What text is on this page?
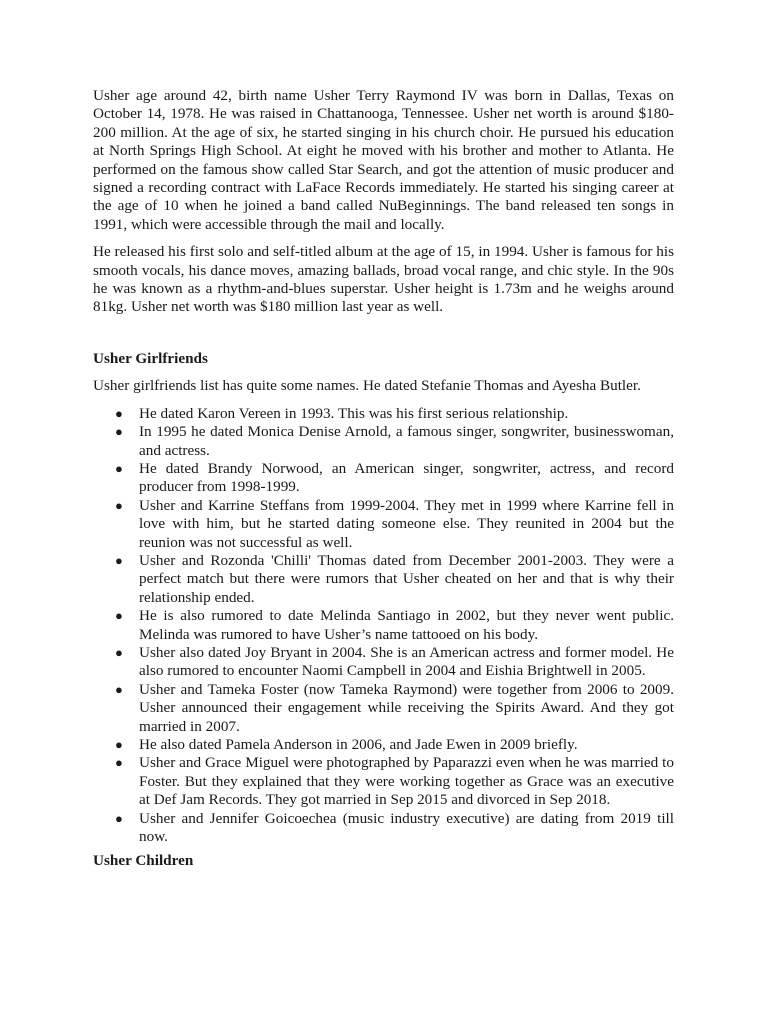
Usher age around 42, birth name Usher Terry Raymond IV was born in Dallas, Texas on October 14, 1978. He was raised in Chattanooga, Tennessee. Usher net worth is around $180-200 million. At the age of six, he started singing in his church choir. He pursued his education at North Springs High School. At eight he moved with his brother and mother to Atlanta. He performed on the famous show called Star Search, and got the attention of music producer and signed a recording contract with LaFace Records immediately. He started his singing career at the age of 10 when he joined a band called NuBeginnings. The band released ten songs in 1991, which were accessible through the mail and locally.

He released his first solo and self-titled album at the age of 15, in 1994. Usher is famous for his smooth vocals, his dance moves, amazing ballads, broad vocal range, and chic style. In the 90s he was known as a rhythm-and-blues superstar. Usher height is 1.73m and he weighs around 81kg. Usher net worth was $180 million last year as well.

Usher Girlfriends

Usher girlfriends list has quite some names. He dated Stefanie Thomas and Ayesha Butler.

● He dated Karon Vereen in 1993. This was his first serious relationship.
● In 1995 he dated Monica Denise Arnold, a famous singer, songwriter, businesswoman, and actress.
● He dated Brandy Norwood, an American singer, songwriter, actress, and record producer from 1998-1999.
● Usher and Karrine Steffans from 1999-2004. They met in 1999 where Karrine fell in love with him, but he started dating someone else. They reunited in 2004 but the reunion was not successful as well.
● Usher and Rozonda 'Chilli' Thomas dated from December 2001-2003. They were a perfect match but there were rumors that Usher cheated on her and that is why their relationship ended.
● He is also rumored to date Melinda Santiago in 2002, but they never went public. Melinda was rumored to have Usher’s name tattooed on his body.
● Usher also dated Joy Bryant in 2004. She is an American actress and former model. He also rumored to encounter Naomi Campbell in 2004 and Eishia Brightwell in 2005.
● Usher and Tameka Foster (now Tameka Raymond) were together from 2006 to 2009. Usher announced their engagement while receiving the Spirits Award. And they got married in 2007.
● He also dated Pamela Anderson in 2006, and Jade Ewen in 2009 briefly.
● Usher and Grace Miguel were photographed by Paparazzi even when he was married to Foster. But they explained that they were working together as Grace was an executive at Def Jam Records. They got married in Sep 2015 and divorced in Sep 2018.
● Usher and Jennifer Goicoechea (music industry executive) are dating from 2019 till now.
Usher Children
